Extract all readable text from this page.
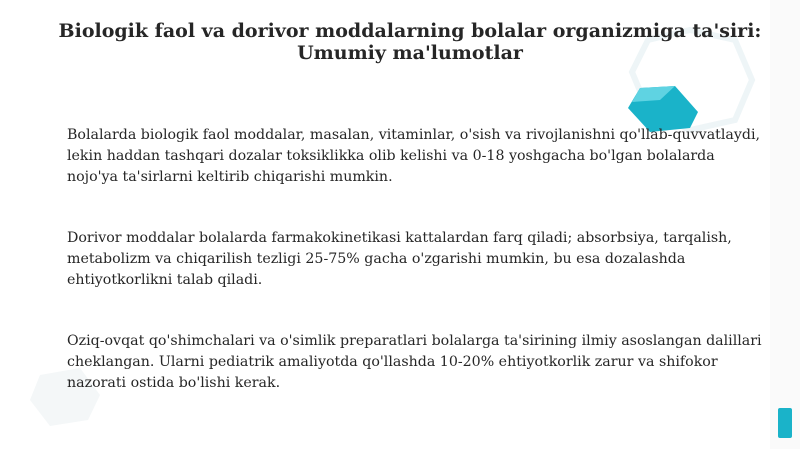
Biologik faol va dorivor moddalarning bolalar organizmiga ta'siri:
Umumiy ma'lumotlar

Bolalarda biologik faol moddalar, masalan, vitaminlar, o'sish va rivojlanishni qo'llab-quvvatlaydi, lekin haddan tashqari dozalar toksiklikka olib kelishi va 0-18 yoshgacha bo'lgan bolalarda nojo'ya ta'sirlarni keltirib chiqarishi mumkin.

Dorivor moddalar bolalarda farmakokinetikasi kattalardan farq qiladi; absorbsiya, tarqalish, metabolizm va chiqarilish tezligi 25-75% gacha o'zgarishi mumkin, bu esa dozalashda ehtiyotkorlikni talab qiladi.

Oziq-ovqat qo'shimchalari va o'simlik preparatlari bolalarga ta'sirining ilmiy asoslangan dalillari cheklangan. Ularni pediatrik amaliyotda qo'llashda 10-20% ehtiyotkorlik zarur va shifokor nazorati ostida bo'lishi kerak.
